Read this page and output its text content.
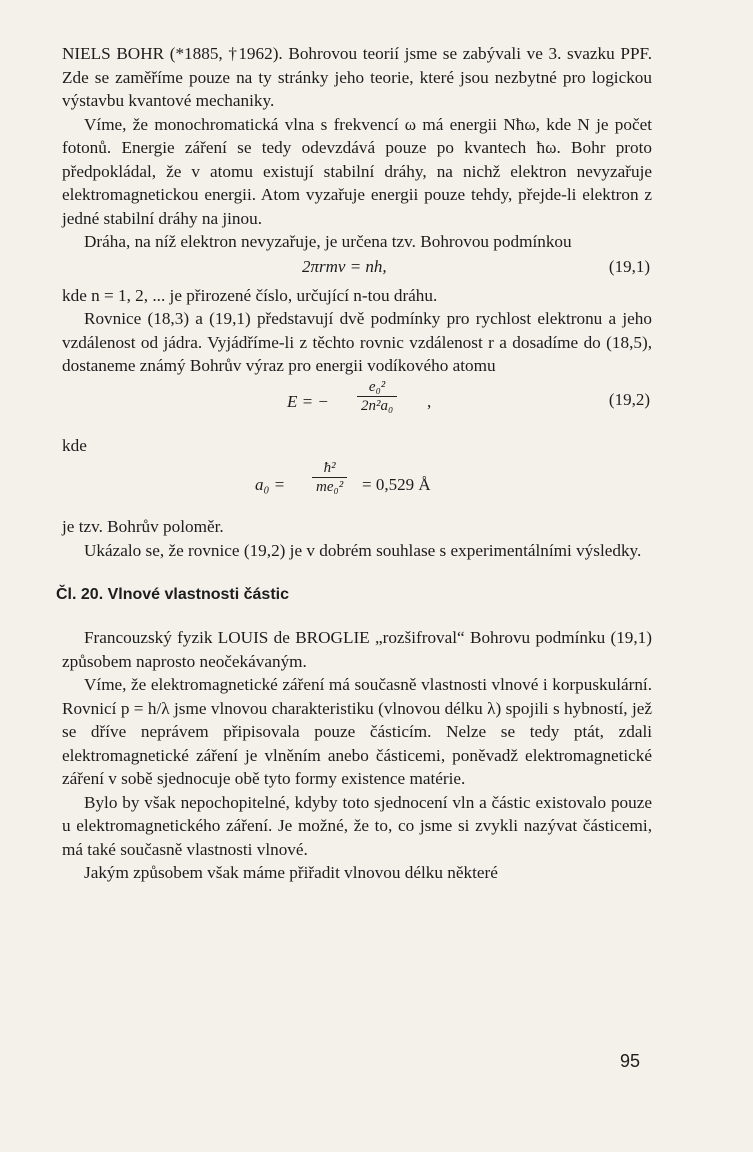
NIELS BOHR (*1885, †1962). Bohrovou teorií jsme se zabývali ve 3. svazku PPF. Zde se zaměříme pouze na ty stránky jeho teorie, které jsou nezbytné pro logickou výstavbu kvantové mechaniky.

Víme, že monochromatická vlna s frekvencí ω má energii Nħω, kde N je počet fotonů. Energie záření se tedy odevzdává pouze po kvantech ħω. Bohr proto předpokládal, že v atomu existují stabilní dráhy, na nichž elektron nevyzařuje elektromagnetickou energii. Atom vyzařuje energii pouze tehdy, přejde-li elektron z jedné stabilní dráhy na jinou.

Dráha, na níž elektron nevyzařuje, je určena tzv. Bohrovou podmínkou

2πrmv = nh,	(19,1)

kde n = 1, 2, ... je přirozené číslo, určující n-tou dráhu.

Rovnice (18,3) a (19,1) představují dvě podmínky pro rychlost elektronu a jeho vzdálenost od jádra. Vyjádříme-li z těchto rovnic vzdálenost r a dosadíme do (18,5), dostaneme známý Bohrův výraz pro energii vodíkového atomu

E = − $\frac{\text{e₀²}}{\text{2n²a₀}}$ ,	(19,2)

kde

$a_0 = \frac{\text{ħ²}}{\text{me₀²}} = 0,529$ Å

je tzv. Bohrův poloměr.

Ukázalo se, že rovnice (19,2) je v dobrém souhlase s experimentálními výsledky.

Čl. 20. Vlnové vlastnosti částic

Francouzský fyzik LOUIS de BROGLIE „rozšifroval“ Bohrovu podmínku (19,1) způsobem naprosto neočekávaným.

Víme, že elektromagnetické záření má současně vlastnosti vlnové i korpuskulární. Rovnicí p = h/λ jsme vlnovou charakteristiku (vlnovou délku λ) spojili s hybností, jež se dříve neprávem připisovala pouze částicím. Nelze se tedy ptát, zdali elektromagnetické záření je vlněním anebo částicemi, poněvadž elektromagnetické záření v sobě sjednocuje obě tyto formy existence matérie.

Bylo by však nepochopitelné, kdyby toto sjednocení vln a částic existovalo pouze u elektromagnetického záření. Je možné, že to, co jsme si zvykli nazývat částicemi, má také současně vlastnosti vlnové.

Jakým způsobem však máme přiřadit vlnovou délku některé

95
